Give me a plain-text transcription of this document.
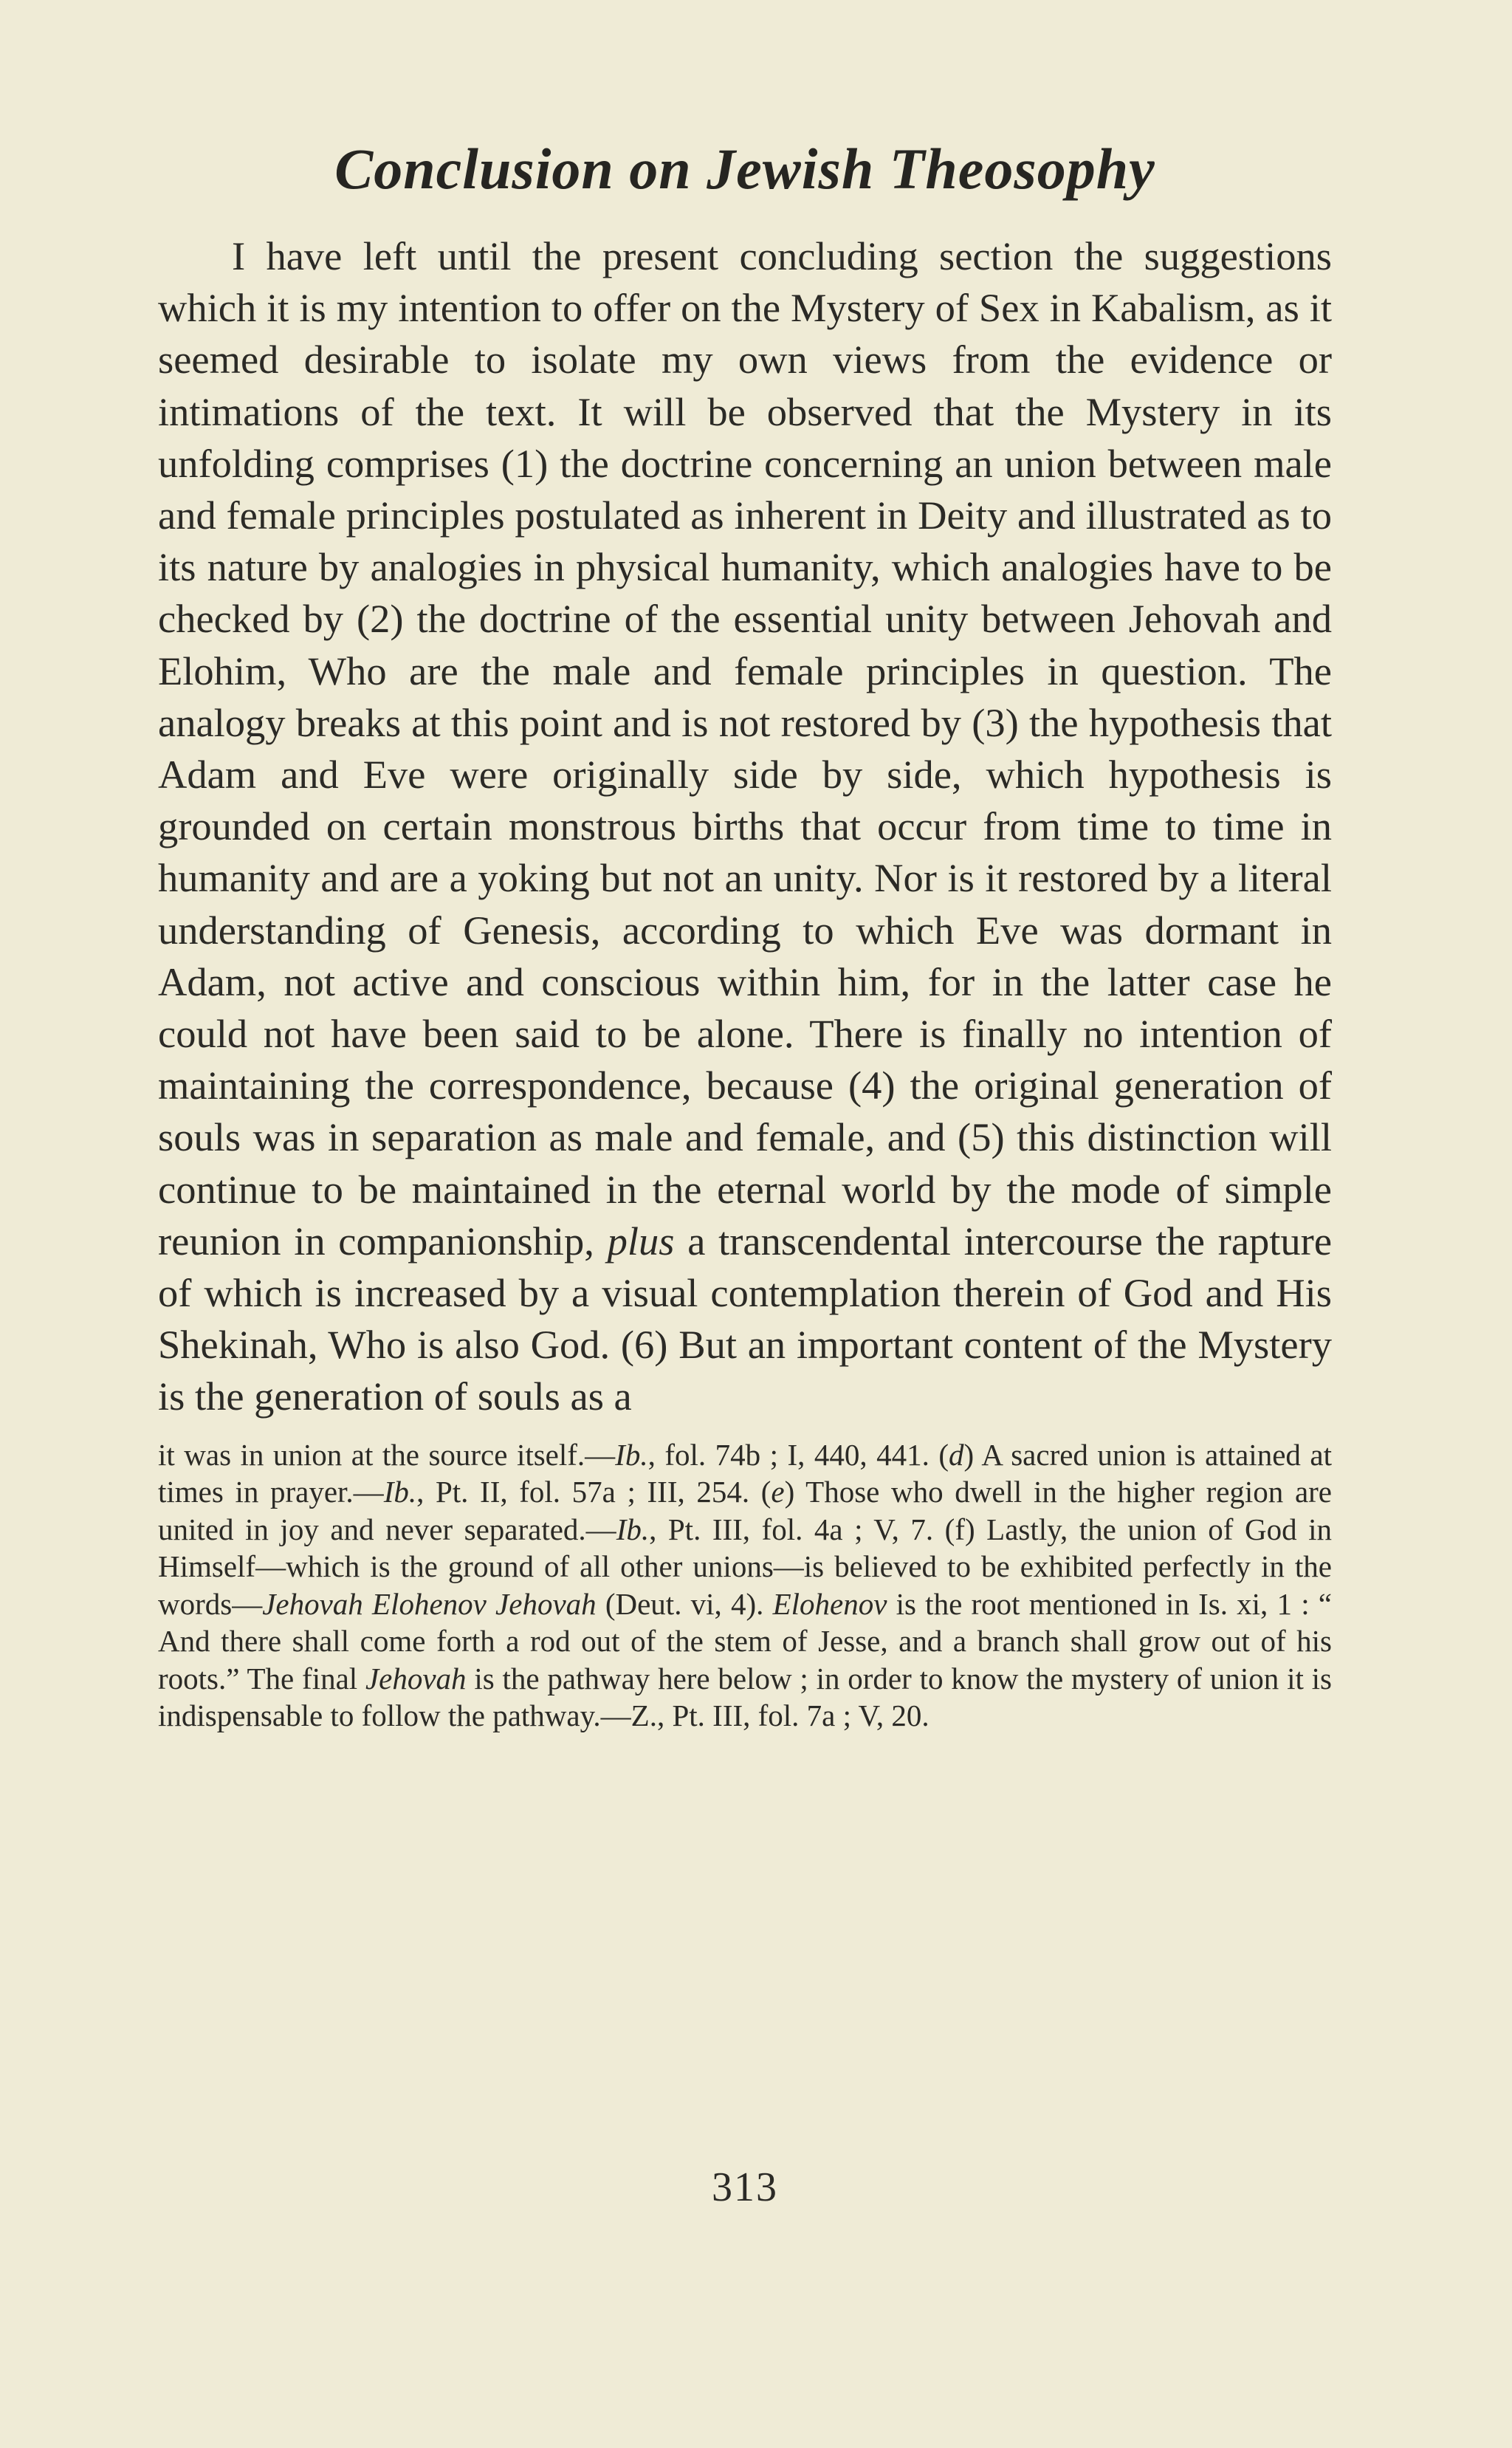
Conclusion on Jewish Theosophy

I have left until the present concluding section the suggestions which it is my intention to offer on the Mystery of Sex in Kabalism, as it seemed desirable to isolate my own views from the evidence or intimations of the text. It will be observed that the Mystery in its unfolding comprises (1) the doctrine concerning an union between male and female principles postulated as inherent in Deity and illustrated as to its nature by analogies in physical humanity, which analogies have to be checked by (2) the doctrine of the essential unity between Jehovah and Elohim, Who are the male and female principles in question. The analogy breaks at this point and is not restored by (3) the hypothesis that Adam and Eve were originally side by side, which hypothesis is grounded on certain monstrous births that occur from time to time in humanity and are a yoking but not an unity. Nor is it restored by a literal understanding of Genesis, according to which Eve was dormant in Adam, not active and conscious within him, for in the latter case he could not have been said to be alone. There is finally no intention of maintaining the correspondence, because (4) the original generation of souls was in separation as male and female, and (5) this distinction will continue to be maintained in the eternal world by the mode of simple reunion in companionship, plus a transcendental intercourse the rapture of which is increased by a visual contemplation therein of God and His Shekinah, Who is also God. (6) But an important content of the Mystery is the generation of souls as a

it was in union at the source itself.—Ib., fol. 74b ; I, 440, 441. (d) A sacred union is attained at times in prayer.—Ib., Pt. II, fol. 57a ; III, 254. (e) Those who dwell in the higher region are united in joy and never separated.—Ib., Pt. III, fol. 4a ; V, 7. (f) Lastly, the union of God in Himself—which is the ground of all other unions—is believed to be exhibited perfectly in the words—Jehovah Elohenov Jehovah (Deut. vi, 4). Elohenov is the root mentioned in Is. xi, 1 : “ And there shall come forth a rod out of the stem of Jesse, and a branch shall grow out of his roots.” The final Jehovah is the pathway here below ; in order to know the mystery of union it is indispensable to follow the pathway.—Z., Pt. III, fol. 7a ; V, 20.

313
